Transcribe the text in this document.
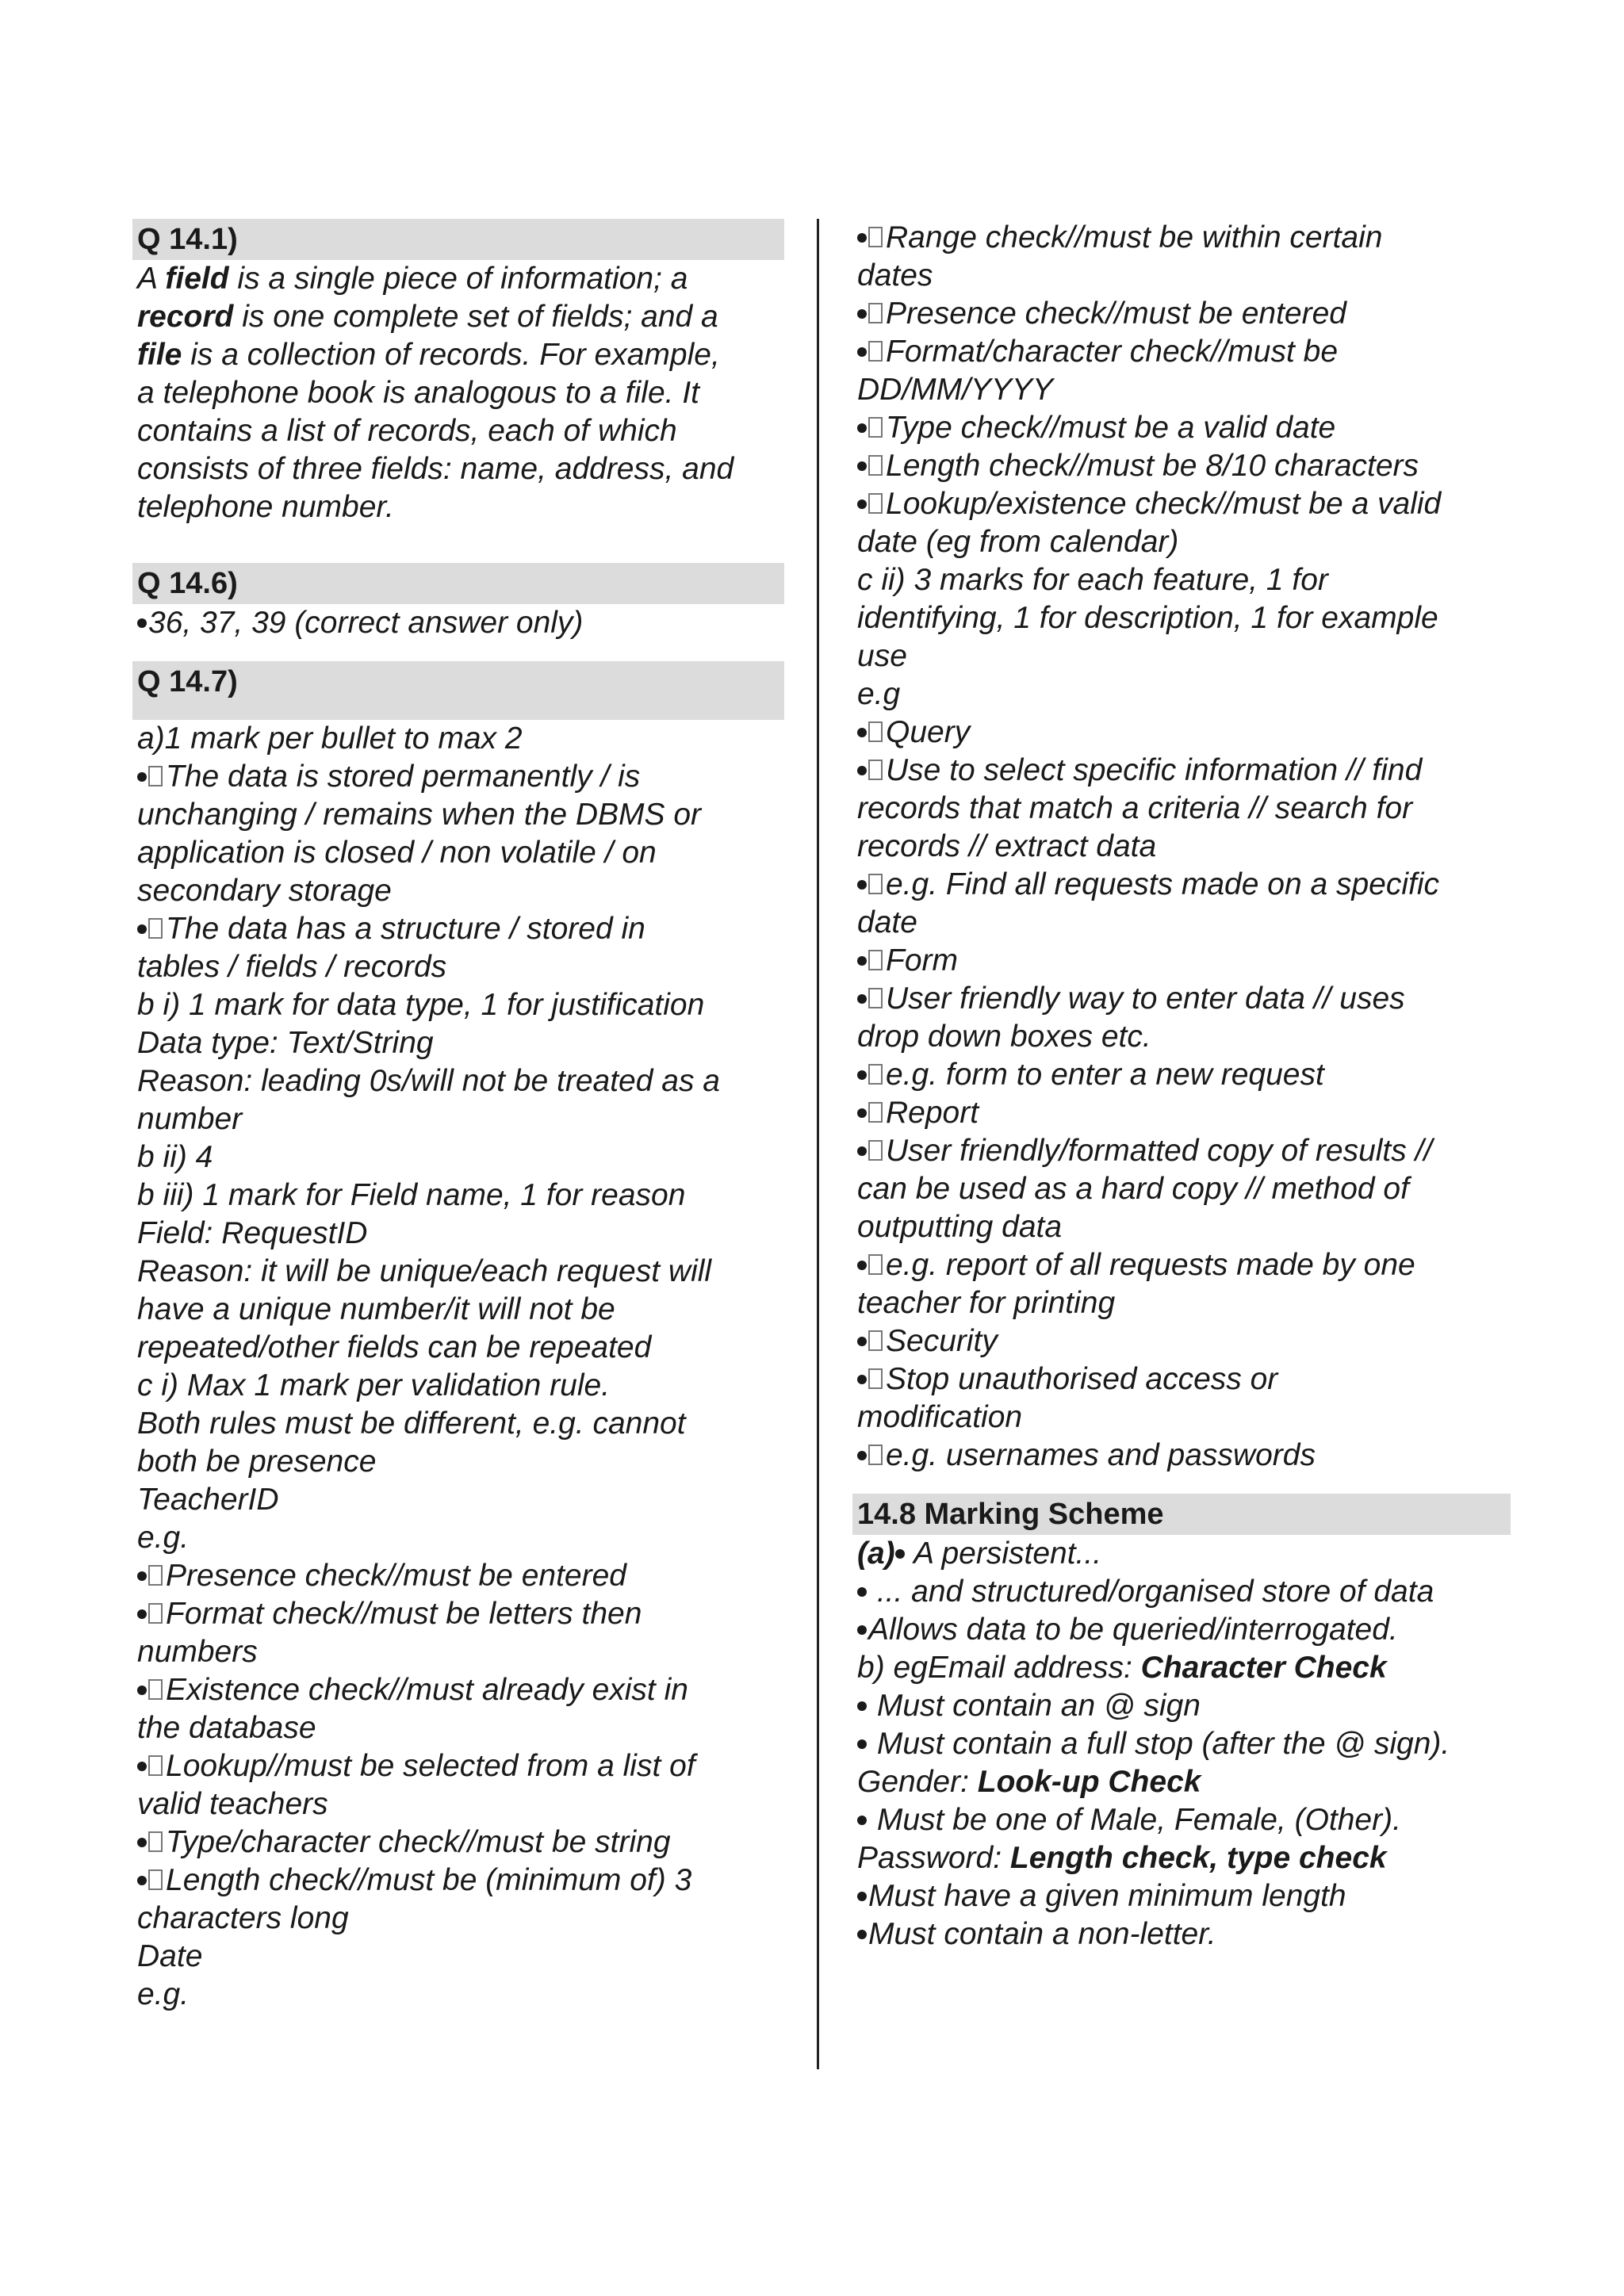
Q 14.1)
A field is a single piece of information; a
record is one complete set of fields; and a
file is a collection of records. For example,
a telephone book is analogous to a file. It
contains a list of records, each of which
consists of three fields: name, address, and
telephone number.
Q 14.6)
36, 37, 39 (correct answer only)
Q 14.7)
a)1 mark per bullet to max 2
The data is stored permanently / is
unchanging / remains when the DBMS or
application is closed / non volatile / on
secondary storage
The data has a structure / stored in
tables / fields / records
b i) 1 mark for data type, 1 for justification
Data type: Text/String
Reason: leading 0s/will not be treated as a
number
b ii) 4
b iii) 1 mark for Field name, 1 for reason
Field: RequestID
Reason: it will be unique/each request will
have a unique number/it will not be
repeated/other fields can be repeated
c i) Max 1 mark per validation rule.
Both rules must be different, e.g. cannot
both be presence
TeacherID
e.g.
Presence check//must be entered
Format check//must be letters then
numbers
Existence check//must already exist in
the database
Lookup//must be selected from a list of
valid teachers
Type/character check//must be string
Length check//must be (minimum of) 3
characters long
Date
e.g.
Range check//must be within certain
dates
Presence check//must be entered
Format/character check//must be
DD/MM/YYYY
Type check//must be a valid date
Length check//must be 8/10 characters
Lookup/existence check//must be a valid
date (eg from calendar)
c ii) 3 marks for each feature, 1 for
identifying, 1 for description, 1 for example
use
e.g
Query
Use to select specific information // find
records that match a criteria // search for
records // extract data
e.g. Find all requests made on a specific
date
Form
User friendly way to enter data // uses
drop down boxes etc.
e.g. form to enter a new request
Report
User friendly/formatted copy of results //
can be used as a hard copy // method of
outputting data
e.g. report of all requests made by one
teacher for printing
Security
Stop unauthorised access or
modification
e.g. usernames and passwords
14.8 Marking Scheme
(a) A persistent...
... and structured/organised store of data
Allows data to be queried/interrogated.
b) egEmail address: Character Check
Must contain an @ sign
Must contain a full stop (after the @ sign).
Gender: Look-up Check
Must be one of Male, Female, (Other).
Password: Length check, type check
Must have a given minimum length
Must contain a non-letter.
